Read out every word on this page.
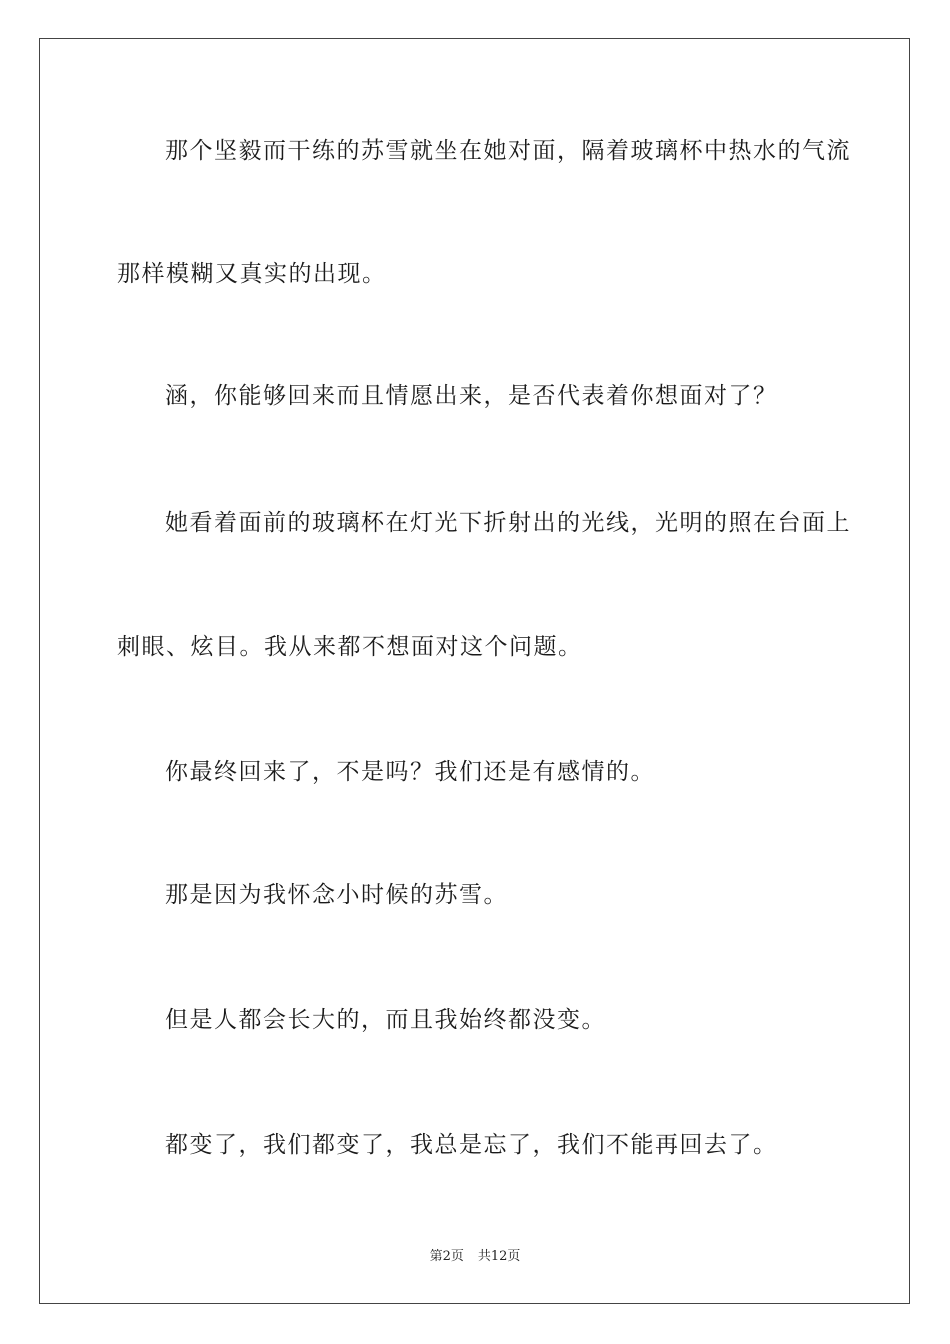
那个坚毅而干练的苏雪就坐在她对面，隔着玻璃杯中热水的气流
那样模糊又真实的出现。
涵，你能够回来而且情愿出来，是否代表着你想面对了？
她看着面前的玻璃杯在灯光下折射出的光线，光明的照在台面上
刺眼、炫目。我从来都不想面对这个问题。
你最终回来了，不是吗？我们还是有感情的。
那是因为我怀念小时候的苏雪。
但是人都会长大的，而且我始终都没变。
都变了，我们都变了，我总是忘了，我们不能再回去了。
第2页 共12页
